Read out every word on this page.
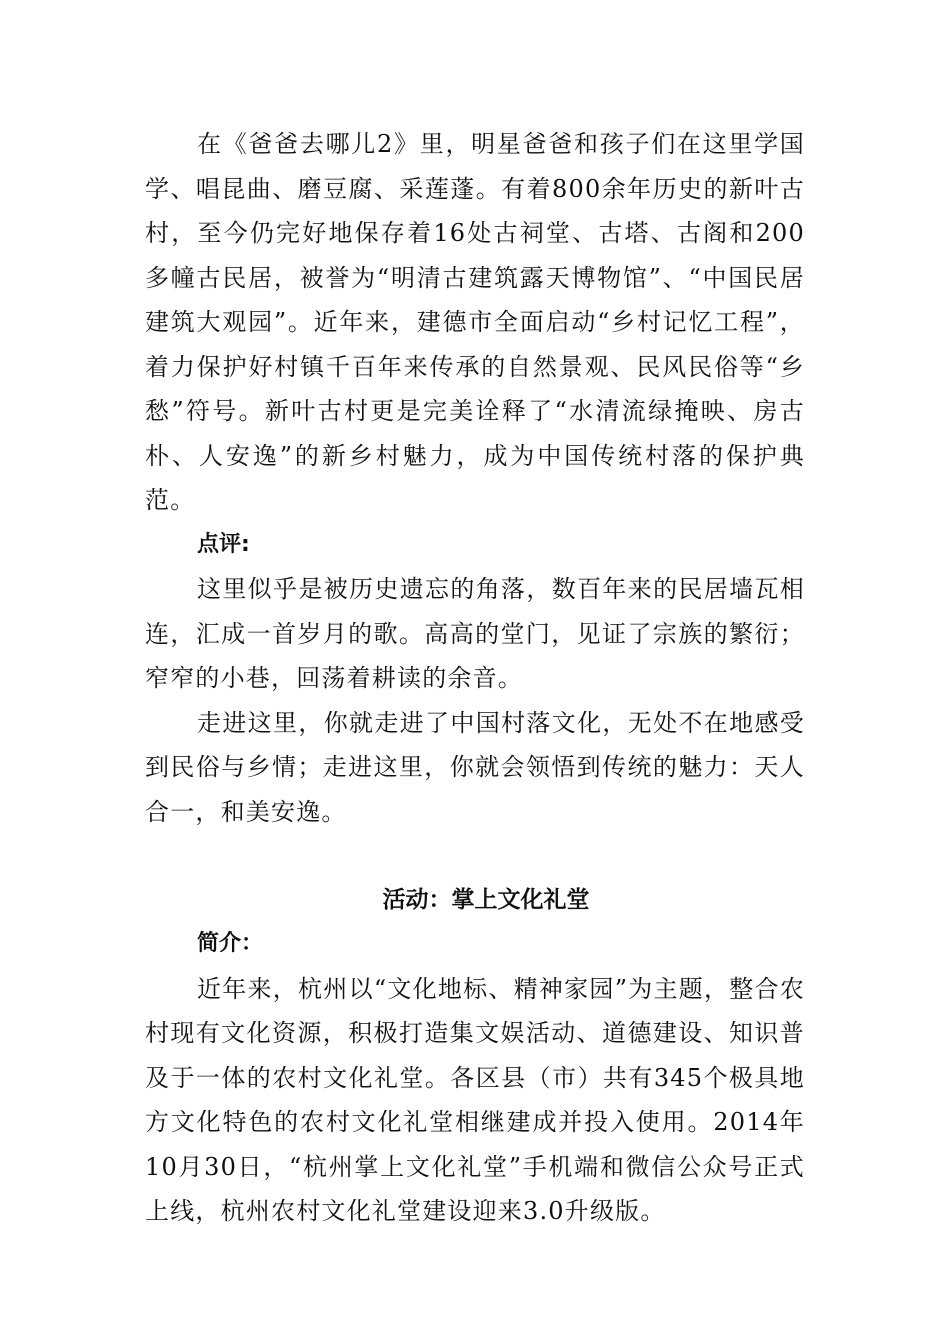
在《爸爸去哪儿2》里，明星爸爸和孩子们在这里学国学、唱昆曲、磨豆腐、采莲蓬。有着800余年历史的新叶古村，至今仍完好地保存着16处古祠堂、古塔、古阁和200多幢古民居，被誉为“明清古建筑露天博物馆”、“中国民居建筑大观园”。近年来，建德市全面启动“乡村记忆工程”，着力保护好村镇千百年来传承的自然景观、民风民俗等“乡愁”符号。新叶古村更是完美诠释了“水清流绿掩映、房古朴、人安逸”的新乡村魅力，成为中国传统村落的保护典范。

点评:

这里似乎是被历史遗忘的角落，数百年来的民居墙瓦相连，汇成一首岁月的歌。高高的堂门，见证了宗族的繁衍；窄窄的小巷，回荡着耕读的余音。

走进这里，你就走进了中国村落文化，无处不在地感受到民俗与乡情；走进这里，你就会领悟到传统的魅力：天人合一，和美安逸。

活动：掌上文化礼堂

简介：

近年来，杭州以“文化地标、精神家园”为主题，整合农村现有文化资源，积极打造集文娱活动、道德建设、知识普及于一体的农村文化礼堂。各区县（市）共有345个极具地方文化特色的农村文化礼堂相继建成并投入使用。2014年10月30日，“杭州掌上文化礼堂”手机端和微信公众号正式上线，杭州农村文化礼堂建设迎来3.0升级版。
